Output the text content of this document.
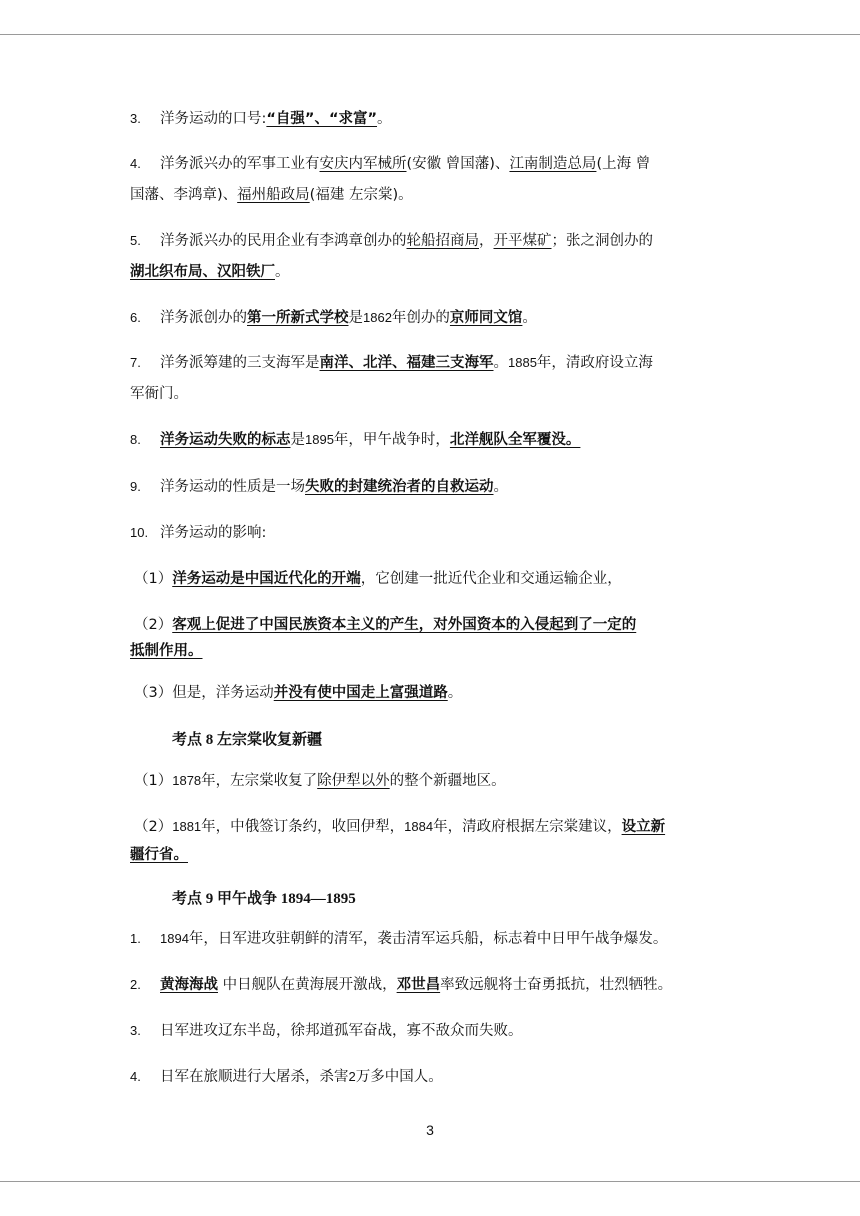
3. 洋务运动的口号:“自强”、“求富”。
4. 洋务派兴办的军事工业有安庆内军械所(安徽 曾国藩)、江南制造总局(上海 曾
国藩、李鸿章)、福州船政局(福建 左宗棠)。
5. 洋务派兴办的民用企业有李鸿章创办的轮船招商局，开平煤矿；张之洞创办的
湖北织布局、汉阳铁厂。
6. 洋务派创办的第一所新式学校是1862年创办的京师同文馆。
7. 洋务派筹建的三支海军是南洋、北洋、福建三支海军。1885年，清政府设立海
军衙门。
8. 洋务运动失败的标志是1895年，甲午战争时，北洋舰队全军覆没。
9. 洋务运动的性质是一场失败的封建统治者的自救运动。
10. 洋务运动的影响:
（1）洋务运动是中国近代化的开端，它创建一批近代企业和交通运输企业，
（2）客观上促进了中国民族资本主义的产生，对外国资本的入侵起到了一定的
抵制作用。
（3）但是，洋务运动并没有使中国走上富强道路。
考点 8 左宗棠收复新疆
（1）1878年，左宗棠收复了除伊犁以外的整个新疆地区。
（2）1881年，中俄签订条约，收回伊犁，1884年，清政府根据左宗棠建议，设立新
疆行省。
考点 9 甲午战争 1894—1895
1. 1894年，日军进攻驻朝鲜的清军，袭击清军运兵船，标志着中日甲午战争爆发。
2. 黄海海战 中日舰队在黄海展开激战，邓世昌率致远舰将士奋勇抵抗，壮烈牺牲。
3. 日军进攻辽东半岛，徐邦道孤军奋战，寡不敌众而失败。
4. 日军在旅顺进行大屠杀，杀害2万多中国人。
3
